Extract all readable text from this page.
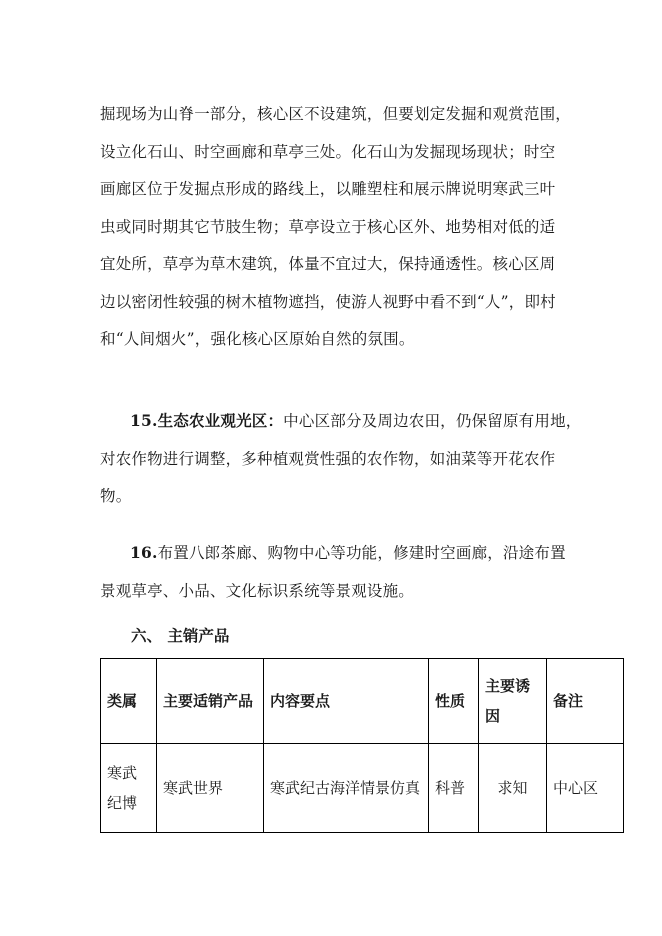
掘现场为山脊一部分，核心区不设建筑，但要划定发掘和观赏范围，
设立化石山、时空画廊和草亭三处。化石山为发掘现场现状；时空
画廊区位于发掘点形成的路线上，以雕塑柱和展示牌说明寒武三叶
虫或同时期其它节肢生物；草亭设立于核心区外、地势相对低的适
宜处所，草亭为草木建筑，体量不宜过大，保持通透性。核心区周
边以密闭性较强的树木植物遮挡，使游人视野中看不到“人”，即村
和“人间烟火”，强化核心区原始自然的氛围。

15.生态农业观光区：中心区部分及周边农田，仍保留原有用地，
对农作物进行调整，多种植观赏性强的农作物，如油菜等开花农作
物。

16.布置八郎茶廊、购物中心等功能，修建时空画廊，沿途布置
景观草亭、小品、文化标识系统等景观设施。

六、 主销产品
类属	主要适销产品	内容要点	性质	主要诱因	备注
寒武纪博	寒武世界	寒武纪古海洋情景仿真	科普	求知	中心区
